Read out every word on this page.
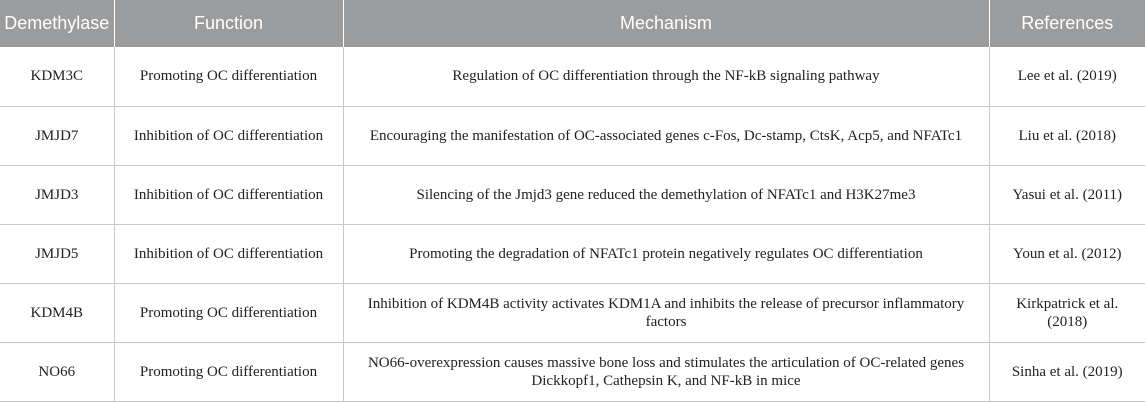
Demethylase	Function	Mechanism	References
KDM3C	Promoting OC differentiation	Regulation of OC differentiation through the NF-kB signaling pathway	Lee et al. (2019)
JMJD7	Inhibition of OC differentiation	Encouraging the manifestation of OC-associated genes c-Fos, Dc-stamp, CtsK, Acp5, and NFATc1	Liu et al. (2018)
JMJD3	Inhibition of OC differentiation	Silencing of the Jmjd3 gene reduced the demethylation of NFATc1 and H3K27me3	Yasui et al. (2011)
JMJD5	Inhibition of OC differentiation	Promoting the degradation of NFATc1 protein negatively regulates OC differentiation	Youn et al. (2012)
KDM4B	Promoting OC differentiation	Inhibition of KDM4B activity activates KDM1A and inhibits the release of precursor inflammatory factors	Kirkpatrick et al. (2018)
NO66	Promoting OC differentiation	NO66-overexpression causes massive bone loss and stimulates the articulation of OC-related genes Dickkopf1, Cathepsin K, and NF-kB in mice	Sinha et al. (2019)
